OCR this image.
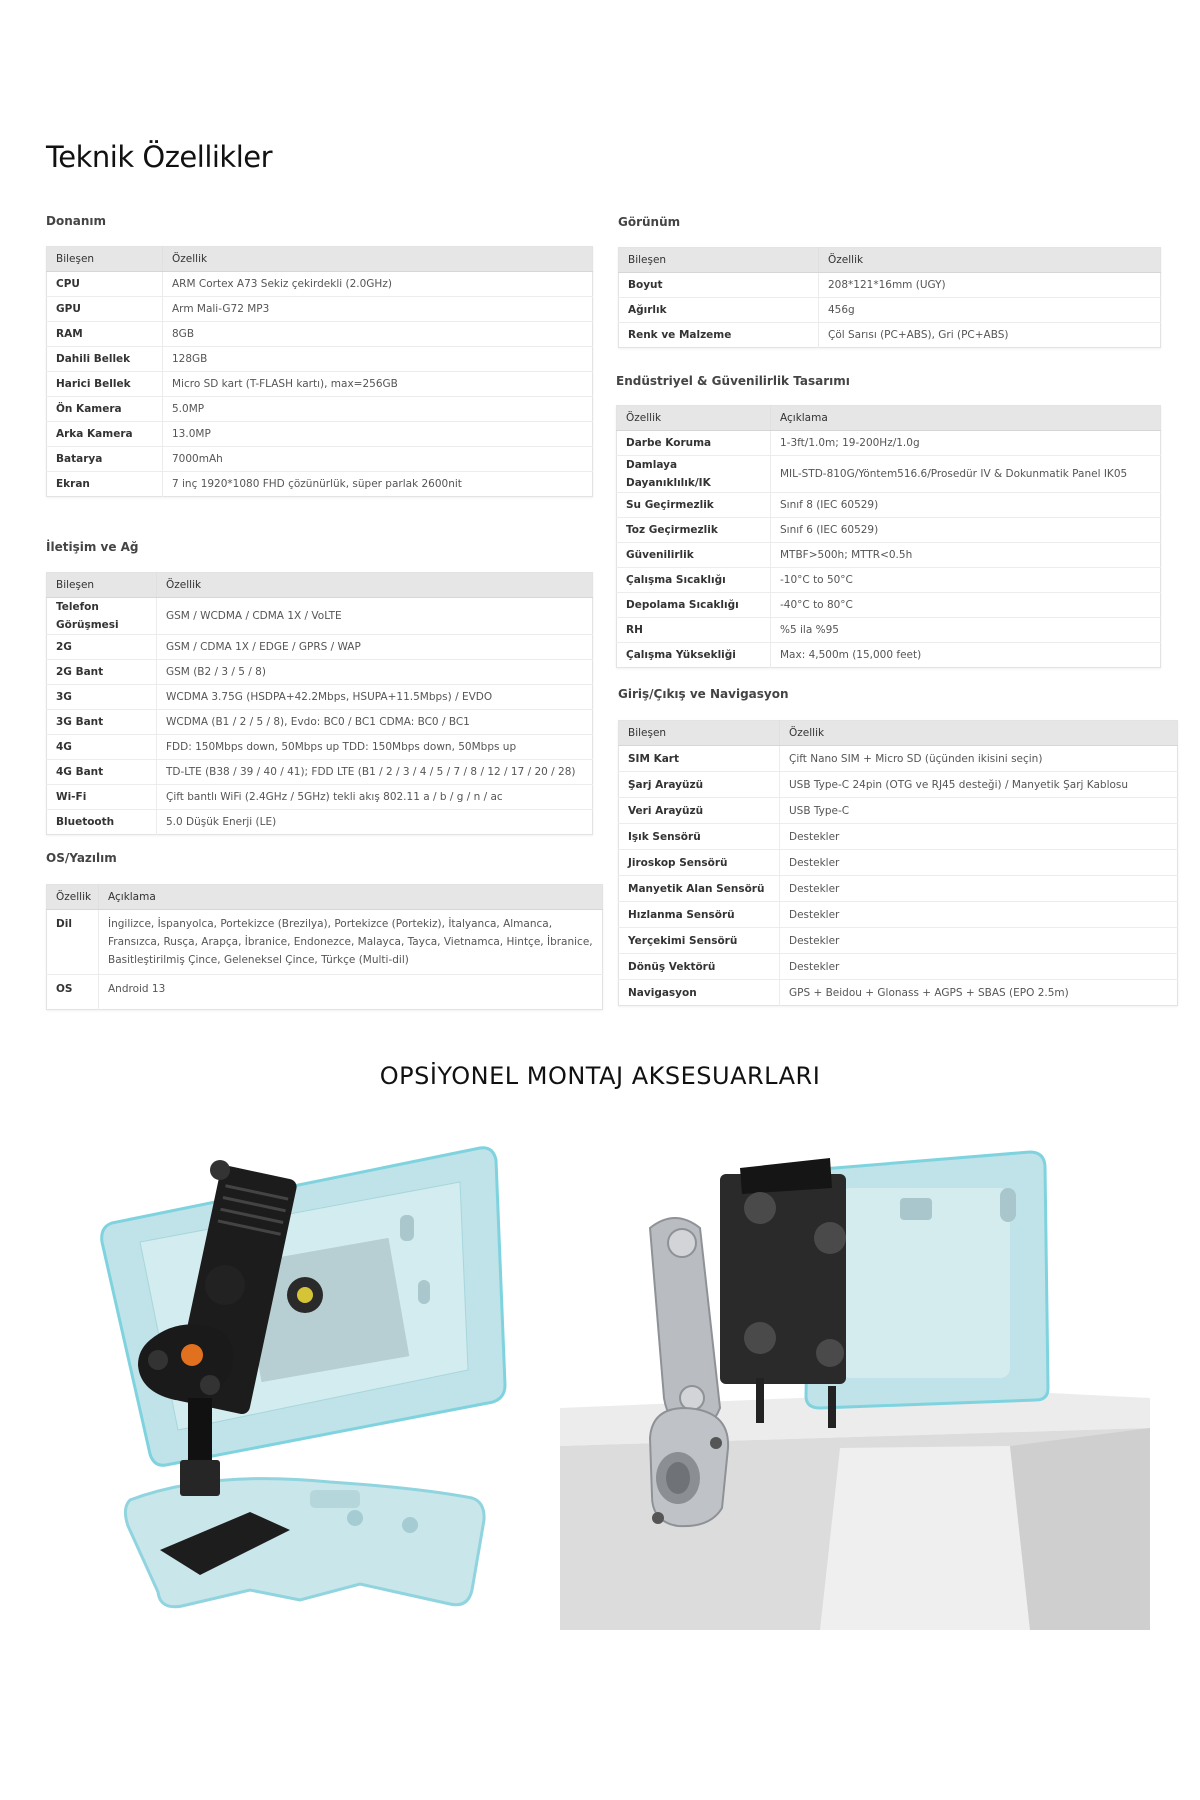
Teknik Özellikler
Donanım
Bileşen	Özellik
CPU	ARM Cortex A73 Sekiz çekirdekli (2.0GHz)
GPU	Arm Mali-G72 MP3
RAM	8GB
Dahili Bellek	128GB
Harici Bellek	Micro SD kart (T-FLASH kartı), max=256GB
Ön Kamera	5.0MP
Arka Kamera	13.0MP
Batarya	7000mAh
Ekran	7 inç 1920*1080 FHD çözünürlük, süper parlak 2600nit
İletişim ve Ağ
Bileşen	Özellik
Telefon Görüşmesi	GSM / WCDMA / CDMA 1X / VoLTE
2G	GSM / CDMA 1X / EDGE / GPRS / WAP
2G Bant	GSM (B2 / 3 / 5 / 8)
3G	WCDMA 3.75G (HSDPA+42.2Mbps, HSUPA+11.5Mbps) / EVDO
3G Bant	WCDMA (B1 / 2 / 5 / 8), Evdo: BC0 / BC1 CDMA: BC0 / BC1
4G	FDD: 150Mbps down, 50Mbps up TDD: 150Mbps down, 50Mbps up
4G Bant	TD-LTE (B38 / 39 / 40 / 41); FDD LTE (B1 / 2 / 3 / 4 / 5 / 7 / 8 / 12 / 17 / 20 / 28)
Wi-Fi	Çift bantlı WiFi (2.4GHz / 5GHz) tekli akış 802.11 a / b / g / n / ac
Bluetooth	5.0 Düşük Enerji (LE)
OS/Yazılım
Özellik	Açıklama
Dil	İngilizce, İspanyolca, Portekizce (Brezilya), Portekizce (Portekiz), İtalyanca, Almanca, Fransızca, Rusça, Arapça, İbranice, Endonezce, Malayca, Tayca, Vietnamca, Hintçe, İbranice, Basitleştirilmiş Çince, Geleneksel Çince, Türkçe (Multi-dil)
OS	Android 13
Görünüm
Bileşen	Özellik
Boyut	208*121*16mm (UGY)
Ağırlık	456g
Renk ve Malzeme	Çöl Sarısı (PC+ABS), Gri (PC+ABS)
Endüstriyel & Güvenilirlik Tasarımı
Özellik	Açıklama
Darbe Koruma	1-3ft/1.0m; 19-200Hz/1.0g
Damlaya Dayanıklılık/IK	MIL-STD-810G/Yöntem516.6/Prosedür IV & Dokunmatik Panel IK05
Su Geçirmezlik	Sınıf 8 (IEC 60529)
Toz Geçirmezlik	Sınıf 6 (IEC 60529)
Güvenilirlik	MTBF>500h; MTTR<0.5h
Çalışma Sıcaklığı	-10°C to 50°C
Depolama Sıcaklığı	-40°C to 80°C
RH	%5 ila %95
Çalışma Yüksekliği	Max: 4,500m (15,000 feet)
Giriş/Çıkış ve Navigasyon
Bileşen	Özellik
SIM Kart	Çift Nano SIM + Micro SD (üçünden ikisini seçin)
Şarj Arayüzü	USB Type-C 24pin (OTG ve RJ45 desteği) / Manyetik Şarj Kablosu
Veri Arayüzü	USB Type-C
Işık Sensörü	Destekler
Jiroskop Sensörü	Destekler
Manyetik Alan Sensörü	Destekler
Hızlanma Sensörü	Destekler
Yerçekimi Sensörü	Destekler
Dönüş Vektörü	Destekler
Navigasyon	GPS + Beidou + Glonass + AGPS + SBAS (EPO 2.5m)
OPSİYONEL MONTAJ AKSESUARLARI
